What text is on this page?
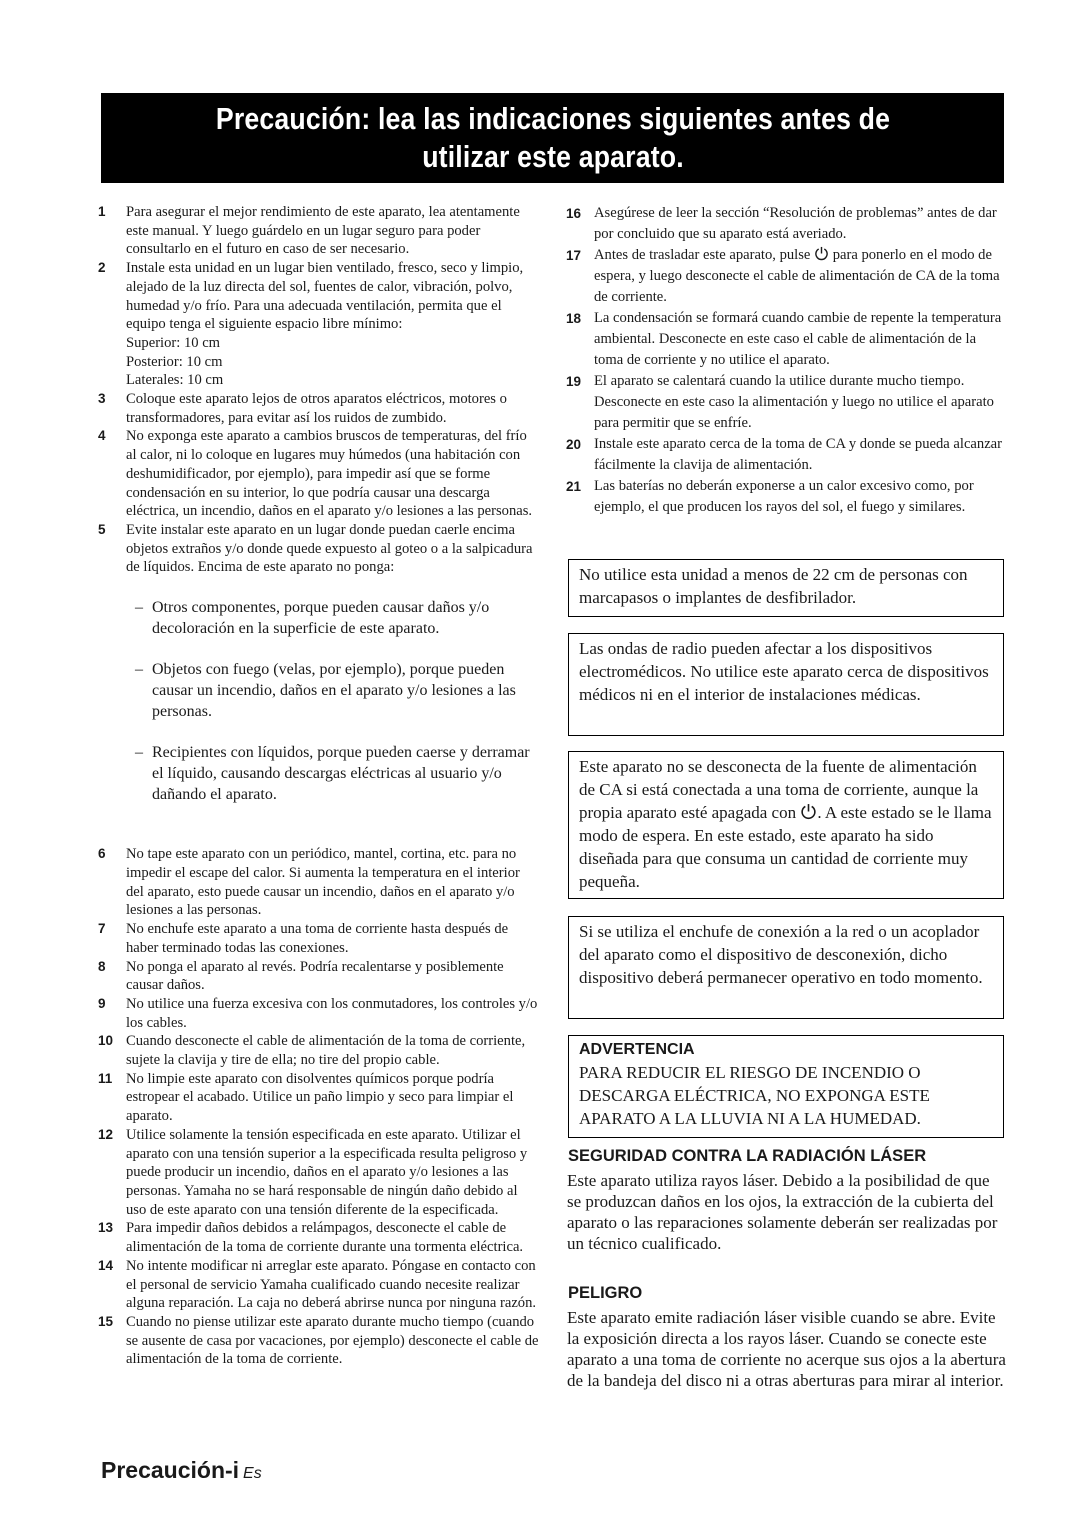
Precaución: lea las indicaciones siguientes antes de utilizar este aparato.
1	Para asegurar el mejor rendimiento de este aparato, lea atentamente este manual. Y luego guárdelo en un lugar seguro para poder consultarlo en el futuro en caso de ser necesario.
2	Instale esta unidad en un lugar bien ventilado, fresco, seco y limpio, alejado de la luz directa del sol, fuentes de calor, vibración, polvo, humedad y/o frío. Para una adecuada ventilación, permita que el equipo tenga el siguiente espacio libre mínimo:
Superior: 10 cm
Posterior: 10 cm
Laterales: 10 cm
3	Coloque este aparato lejos de otros aparatos eléctricos, motores o transformadores, para evitar así los ruidos de zumbido.
4	No exponga este aparato a cambios bruscos de temperaturas, del frío al calor, ni lo coloque en lugares muy húmedos (una habitación con deshumidificador, por ejemplo), para impedir así que se forme condensación en su interior, lo que podría causar una descarga eléctrica, un incendio, daños en el aparato y/o lesiones a las personas.
5	Evite instalar este aparato en un lugar donde puedan caerle encima objetos extraños y/o donde quede expuesto al goteo o a la salpicadura de líquidos. Encima de este aparato no ponga:

– Otros componentes, porque pueden causar daños y/o decoloración en la superficie de este aparato.

– Objetos con fuego (velas, por ejemplo), porque pueden causar un incendio, daños en el aparato y/o lesiones a las personas.

– Recipientes con líquidos, porque pueden caerse y derramar el líquido, causando descargas eléctricas al usuario y/o dañando el aparato.

6	No tape este aparato con un periódico, mantel, cortina, etc. para no impedir el escape del calor. Si aumenta la temperatura en el interior del aparato, esto puede causar un incendio, daños en el aparato y/o lesiones a las personas.
7	No enchufe este aparato a una toma de corriente hasta después de haber terminado todas las conexiones.
8	No ponga el aparato al revés. Podría recalentarse y posiblemente causar daños.
9	No utilice una fuerza excesiva con los conmutadores, los controles y/o los cables.
10 Cuando desconecte el cable de alimentación de la toma de corriente, sujete la clavija y tire de ella; no tire del propio cable.
11 No limpie este aparato con disolventes químicos porque podría estropear el acabado. Utilice un paño limpio y seco para limpiar el aparato.
12 Utilice solamente la tensión especificada en este aparato. Utilizar el aparato con una tensión superior a la especificada resulta peligroso y puede producir un incendio, daños en el aparato y/o lesiones a las personas. Yamaha no se hará responsable de ningún daño debido al uso de este aparato con una tensión diferente de la especificada.
13 Para impedir daños debidos a relámpagos, desconecte el cable de alimentación de la toma de corriente durante una tormenta eléctrica.
14 No intente modificar ni arreglar este aparato. Póngase en contacto con el personal de servicio Yamaha cualificado cuando necesite realizar alguna reparación. La caja no deberá abrirse nunca por ninguna razón.
15 Cuando no piense utilizar este aparato durante mucho tiempo (cuando se ausente de casa por vacaciones, por ejemplo) desconecte el cable de alimentación de la toma de corriente.
16 Asegúrese de leer la sección “Resolución de problemas” antes de dar por concluido que su aparato está averiado.
17 Antes de trasladar este aparato, pulse para ponerlo en el modo de espera, y luego desconecte el cable de alimentación de CA de la toma de corriente.
18 La condensación se formará cuando cambie de repente la temperatura ambiental. Desconecte en este caso el cable de alimentación de la toma de corriente y no utilice el aparato.
19 El aparato se calentará cuando la utilice durante mucho tiempo. Desconecte en este caso la alimentación y luego no utilice el aparato para permitir que se enfríe.
20 Instale este aparato cerca de la toma de CA y donde se pueda alcanzar fácilmente la clavija de alimentación.
21 Las baterías no deberán exponerse a un calor excesivo como, por ejemplo, el que producen los rayos del sol, el fuego y similares.
No utilice esta unidad a menos de 22 cm de personas con marcapasos o implantes de desfibrilador.
Las ondas de radio pueden afectar a los dispositivos electromédicos. No utilice este aparato cerca de dispositivos médicos ni en el interior de instalaciones médicas.
Este aparato no se desconecta de la fuente de alimentación de CA si está conectada a una toma de corriente, aunque la propia aparato esté apagada con . A este estado se le llama modo de espera. En este estado, este aparato ha sido diseñada para que consuma un cantidad de corriente muy pequeña.
Si se utiliza el enchufe de conexión a la red o un acoplador del aparato como el dispositivo de desconexión, dicho dispositivo deberá permanecer operativo en todo momento.
ADVERTENCIA
PARA REDUCIR EL RIESGO DE INCENDIO O DESCARGA ELÉCTRICA, NO EXPONGA ESTE APARATO A LA LLUVIA NI A LA HUMEDAD.
SEGURIDAD CONTRA LA RADIACIÓN LÁSER
Este aparato utiliza rayos láser. Debido a la posibilidad de que se produzcan daños en los ojos, la extracción de la cubierta del aparato o las reparaciones solamente deberán ser realizadas por un técnico cualificado.
PELIGRO
Este aparato emite radiación láser visible cuando se abre. Evite la exposición directa a los rayos láser. Cuando se conecte este aparato a una toma de corriente no acerque sus ojos a la abertura de la bandeja del disco ni a otras aberturas para mirar al interior.
Precaución-i Es
